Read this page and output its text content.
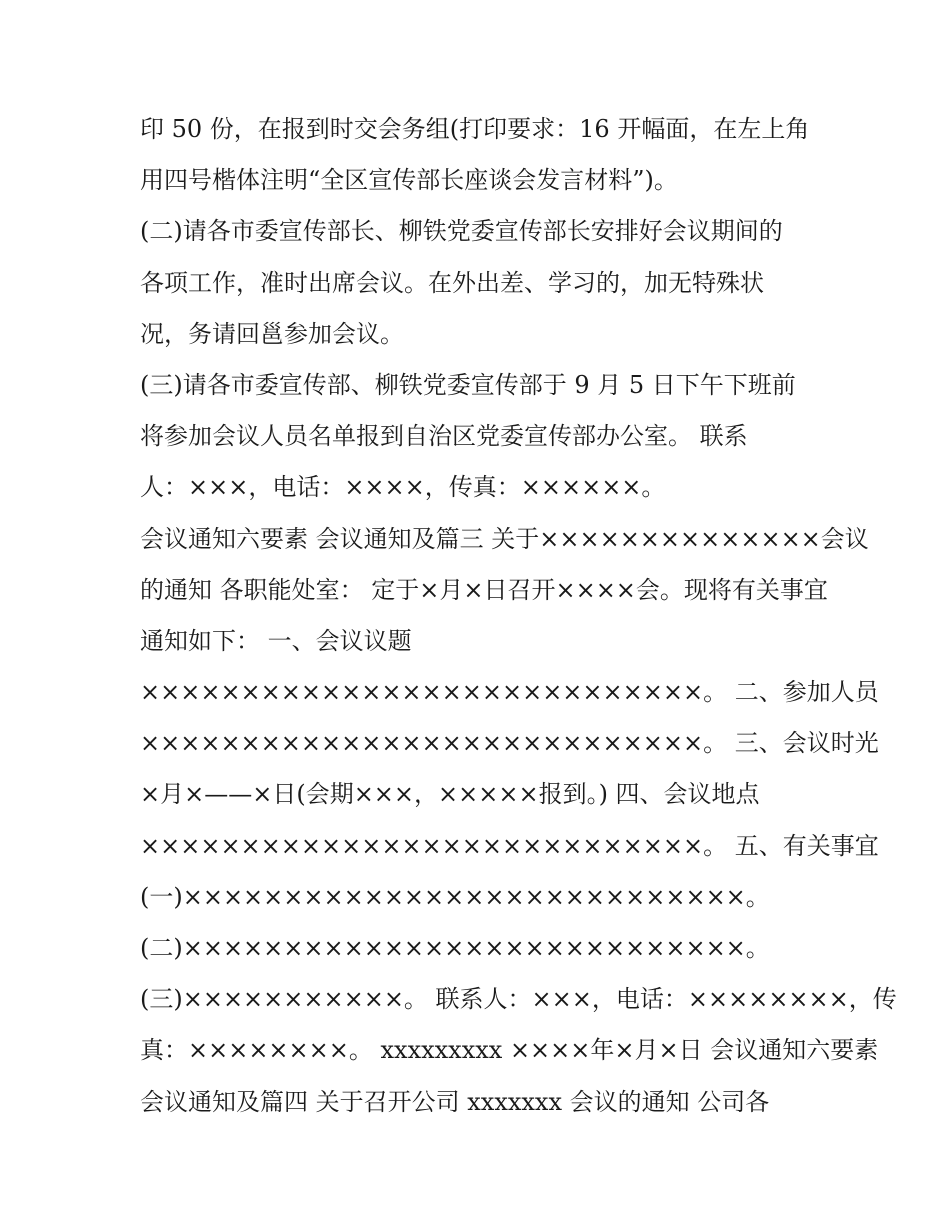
印 50 份，在报到时交会务组(打印要求：16 开幅面，在左上角
用四号楷体注明“全区宣传部长座谈会发言材料”)。
(二)请各市委宣传部长、柳铁党委宣传部长安排好会议期间的
各项工作，准时出席会议。在外出差、学习的，加无特殊状
况，务请回邕参加会议。
(三)请各市委宣传部、柳铁党委宣传部于 9 月 5 日下午下班前
将参加会议人员名单报到自治区党委宣传部办公室。 联系
人：×××，电话：××××，传真：××××××。
会议通知六要素 会议通知及篇三 关于××××××××××××××会议
的通知 各职能处室： 定于×月×日召开××××会。现将有关事宜
通知如下： 一、会议议题
××××××××××××××××××××××××××××。 二、参加人员
××××××××××××××××××××××××××××。 三、会议时光
×月×——×日(会期×××，×××××报到。) 四、会议地点
××××××××××××××××××××××××××××。 五、有关事宜
(一)××××××××××××××××××××××××××××。
(二)××××××××××××××××××××××××××××。
(三)×××××××××××。 联系人：×××，电话：××××××××，传
真：××××××××。 xxxxxxxxx ××××年×月×日 会议通知六要素
会议通知及篇四 关于召开公司 xxxxxxx 会议的通知 公司各
